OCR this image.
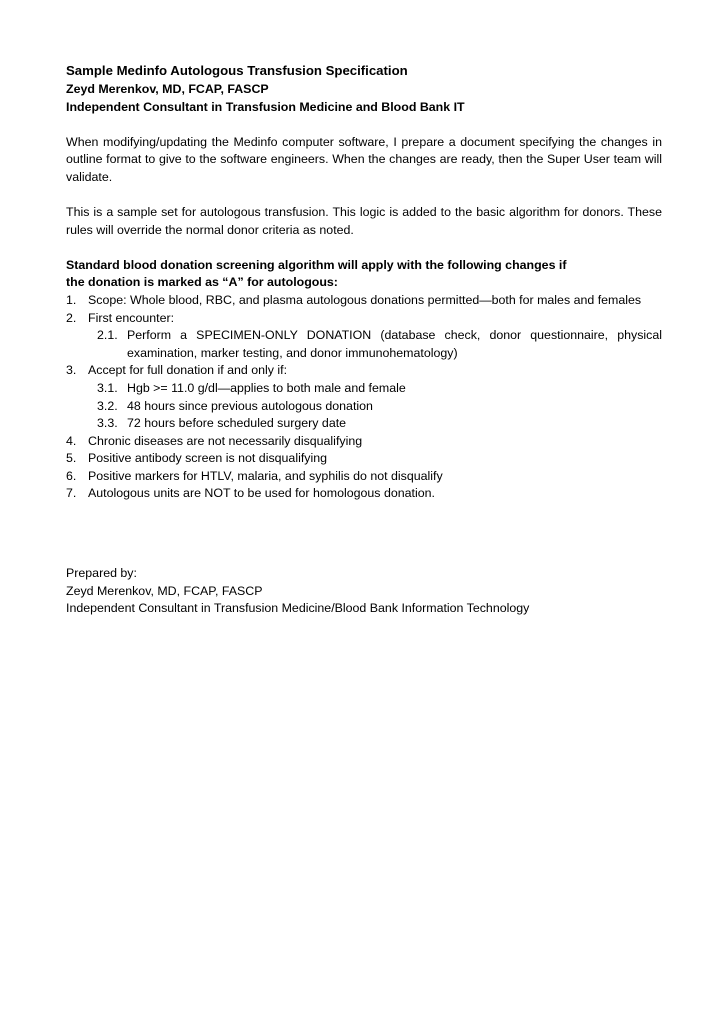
Sample Medinfo Autologous Transfusion Specification
Zeyd Merenkov, MD, FCAP, FASCP
Independent Consultant in Transfusion Medicine and Blood Bank IT

When modifying/updating the Medinfo computer software, I prepare a document specifying the changes in outline format to give to the software engineers. When the changes are ready, then the Super User team will validate.

This is a sample set for autologous transfusion. This logic is added to the basic algorithm for donors. These rules will override the normal donor criteria as noted.

Standard blood donation screening algorithm will apply with the following changes if
the donation is marked as “A” for autologous:
1. Scope: Whole blood, RBC, and plasma autologous donations permitted—both for males and females
2. First encounter:
2.1. Perform a SPECIMEN-ONLY DONATION (database check, donor questionnaire, physical examination, marker testing, and donor immunohematology)
3. Accept for full donation if and only if:
3.1. Hgb >= 11.0 g/dl—applies to both male and female
3.2. 48 hours since previous autologous donation
3.3. 72 hours before scheduled surgery date
4. Chronic diseases are not necessarily disqualifying
5. Positive antibody screen is not disqualifying
6. Positive markers for HTLV, malaria, and syphilis do not disqualify
7. Autologous units are NOT to be used for homologous donation.
Prepared by:
Zeyd Merenkov, MD, FCAP, FASCP
Independent Consultant in Transfusion Medicine/Blood Bank Information Technology
